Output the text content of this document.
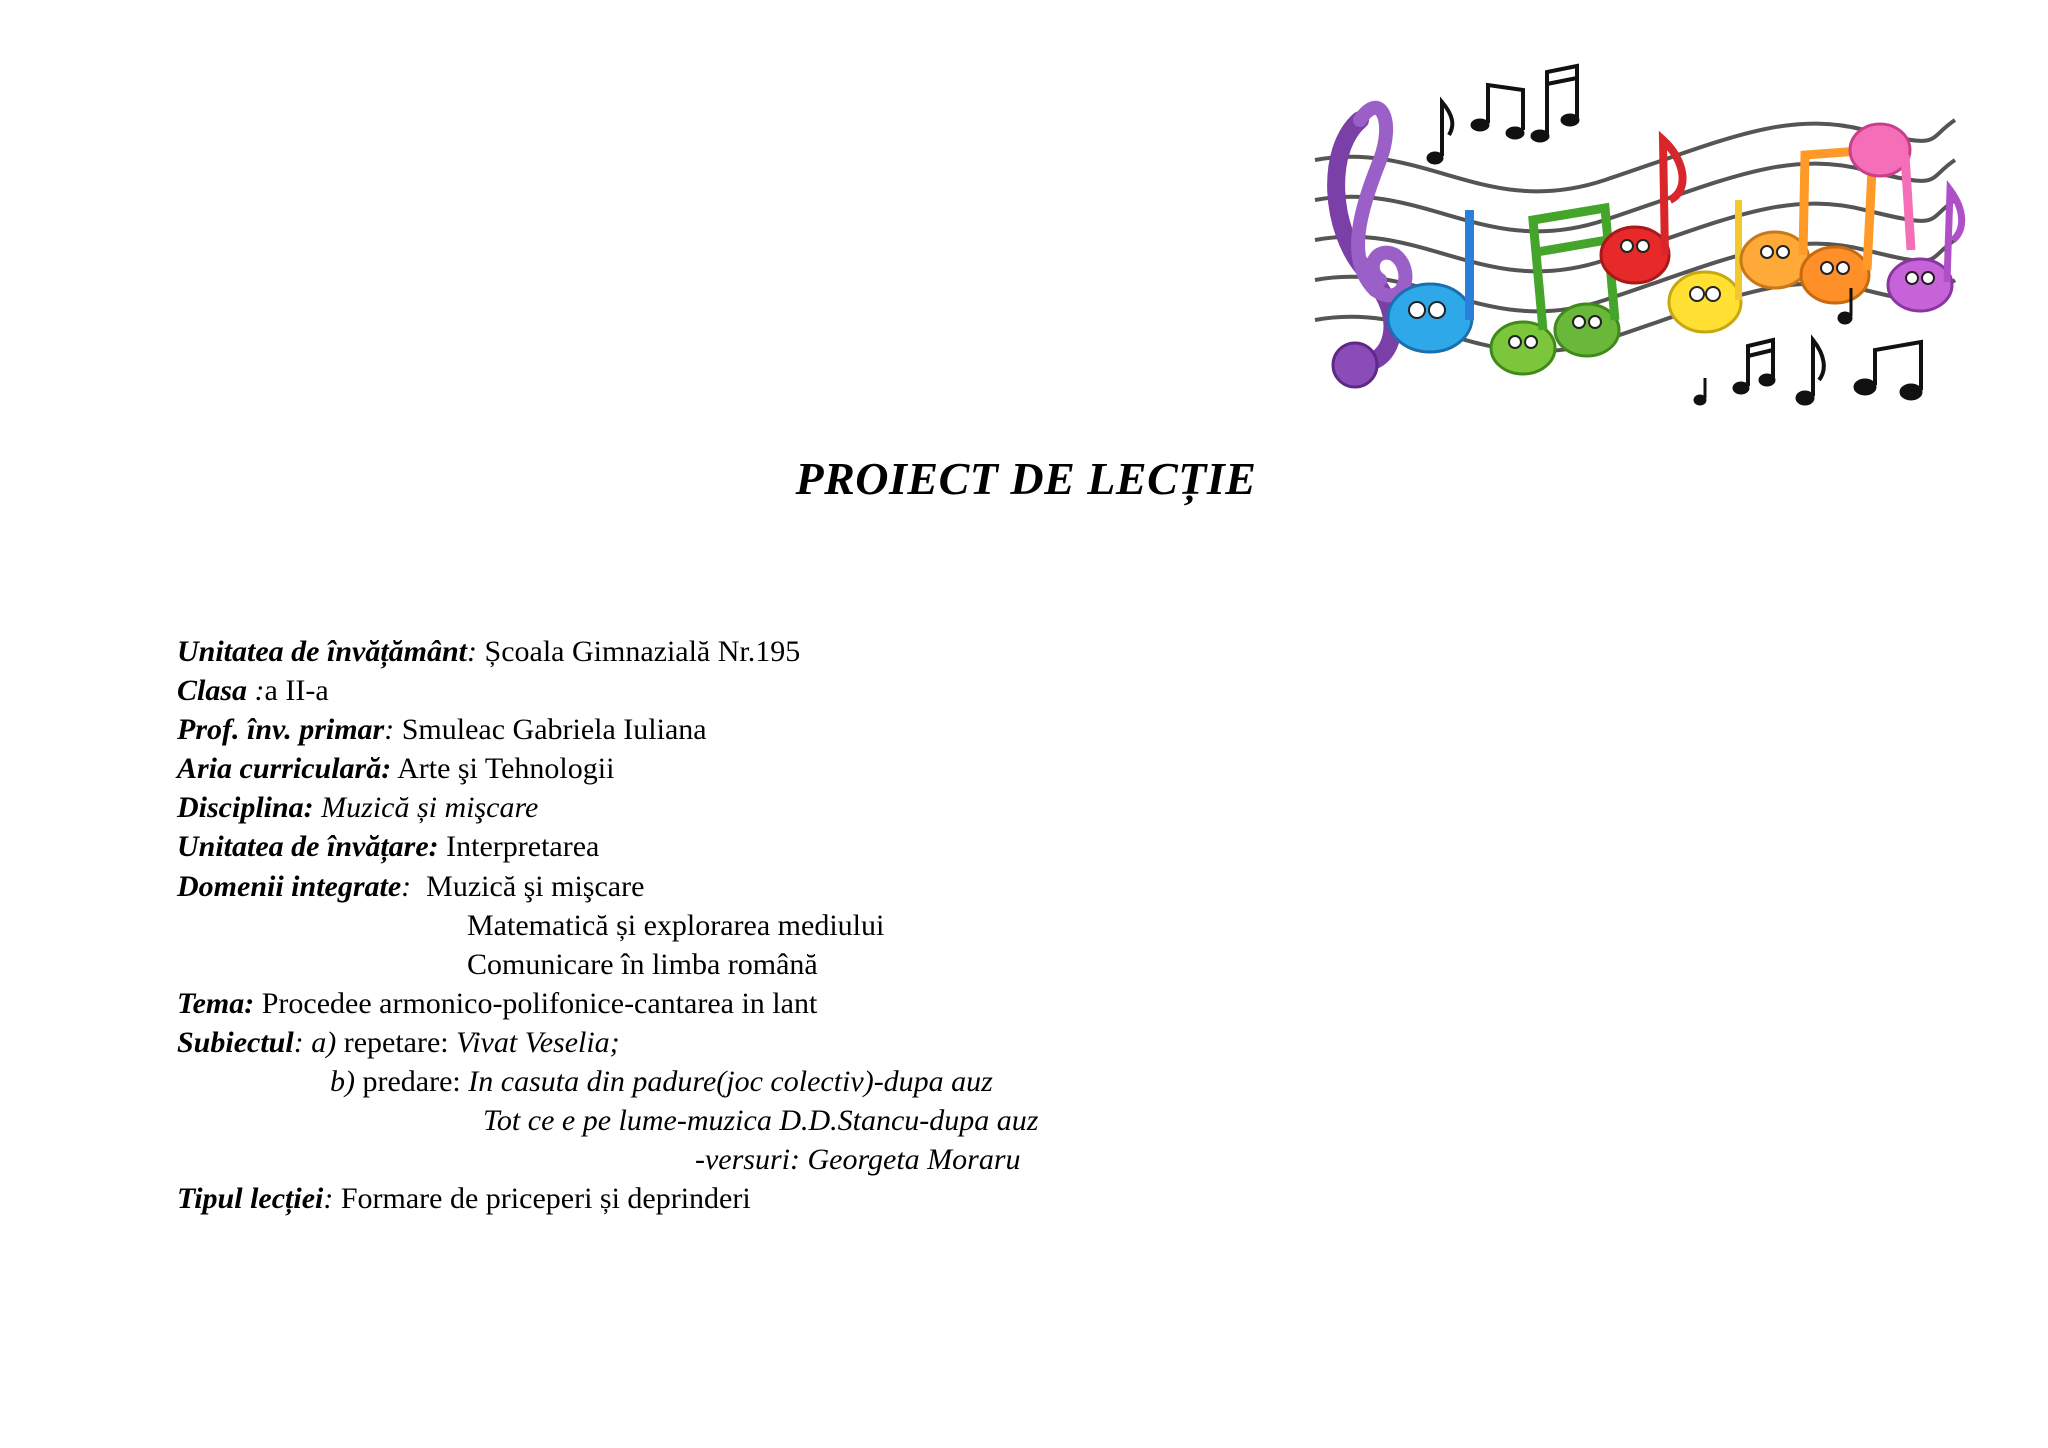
PROIECT DE LECȚIE
Unitatea de învățământ: Școala Gimnazială Nr.195
Clasa :a II-a
Prof. înv. primar: Smuleac Gabriela Iuliana
Aria curriculară: Arte şi Tehnologii
Disciplina: Muzică și mişcare
Unitatea de învățare: Interpretarea
Domenii integrate:  Muzică şi mişcare
Matematică și explorarea mediului
Comunicare în limba română
Tema: Procedee armonico-polifonice-cantarea in lant
Subiectul: a) repetare: Vivat Veselia;
b) predare: In casuta din padure(joc colectiv)-dupa auz
Tot ce e pe lume-muzica D.D.Stancu-dupa auz
-versuri: Georgeta Moraru
Tipul lecției: Formare de priceperi și deprinderi
